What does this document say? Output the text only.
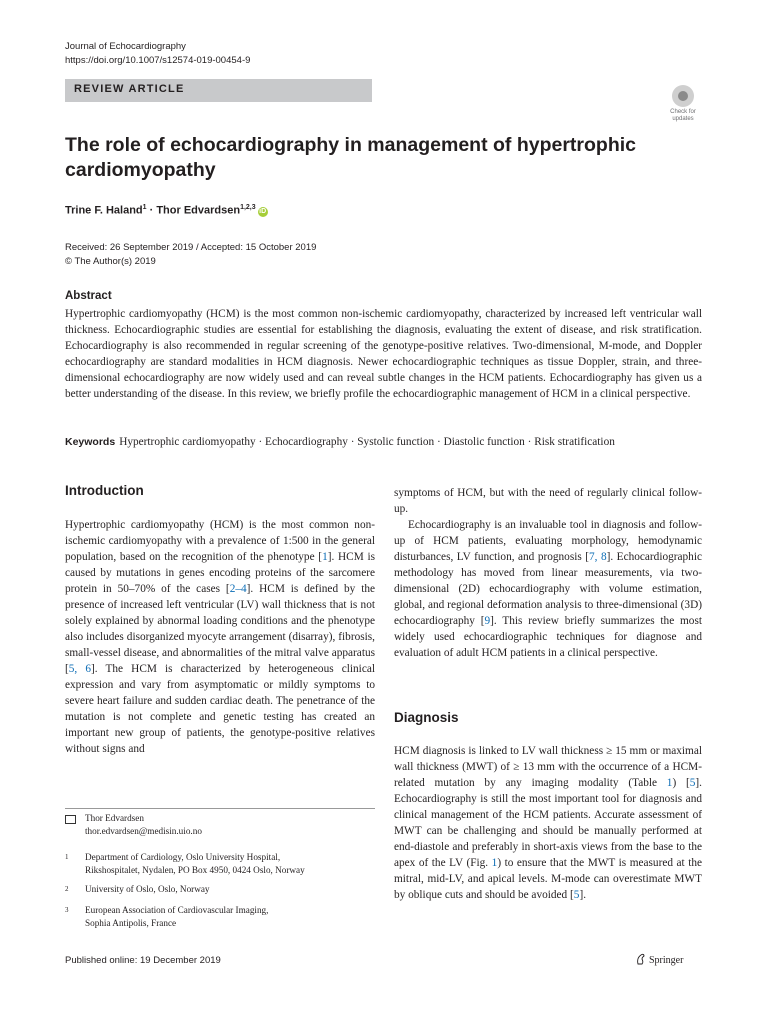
Journal of Echocardiography
https://doi.org/10.1007/s12574-019-00454-9
REVIEW ARTICLE
Check for
updates
The role of echocardiography in management of hypertrophic cardiomyopathy
Trine F. Haland$^1$ · Thor Edvardsen$^{1,2,3}$iD
Received: 26 September 2019 / Accepted: 15 October 2019
© The Author(s) 2019
Abstract

Hypertrophic cardiomyopathy (HCM) is the most common non-ischemic cardiomyopathy, characterized by increased left ventricular wall thickness. Echocardiographic studies are essential for establishing the diagnosis, evaluating the extent of disease, and risk stratification. Echocardiography is also recommended in regular screening of the genotype-positive relatives. Two-dimensional, M-mode, and Doppler echocardiography are standard modalities in HCM diagnosis. Newer echocardiographic techniques as tissue Doppler, strain, and three-dimensional echocardiography are now widely used and can reveal subtle changes in the HCM patients. Echocardiography has given us a better understanding of the disease. In this review, we briefly profile the echocardiographic management of HCM in a clinical perspective.

Keywords Hypertrophic cardiomyopathy · Echocardiography · Systolic function · Diastolic function · Risk stratification
Introduction

Hypertrophic cardiomyopathy (HCM) is the most common non-ischemic cardiomyopathy with a prevalence of 1:500 in the general population, based on the recognition of the phenotype [1]. HCM is caused by mutations in genes encoding proteins of the sarcomere protein in 50–70% of the cases [2–4]. HCM is defined by the presence of increased left ventricular (LV) wall thickness that is not solely explained by abnormal loading conditions and the phenotype also includes disorganized myocyte arrangement (disarray), fibrosis, small-vessel disease, and abnormalities of the mitral valve apparatus [5, 6]. The HCM is characterized by heterogeneous clinical expression and vary from asymptomatic or mildly symptoms to severe heart failure and sudden cardiac death. The penetrance of the mutation is not complete and genetic testing has created an important new group of patients, the genotype-positive relatives without signs and

symptoms of HCM, but with the need of regularly clinical follow-up.

Echocardiography is an invaluable tool in diagnosis and follow-up of HCM patients, evaluating morphology, hemodynamic disturbances, LV function, and prognosis [7, 8]. Echocardiographic methodology has moved from linear measurements, via two-dimensional (2D) echocardiography with volume estimation, global, and regional deformation analysis to three-dimensional (3D) echocardiography [9]. This review briefly summarizes the most widely used echocardiographic techniques for diagnose and evaluation of adult HCM patients in a clinical perspective.

Diagnosis

HCM diagnosis is linked to LV wall thickness ≥ 15 mm or maximal wall thickness (MWT) of ≥ 13 mm with the occurrence of a HCM-related mutation by any imaging modality (Table 1) [5]. Echocardiography is still the most important tool for diagnosis and clinical management of the HCM patients. Accurate assessment of MWT can be challenging and should be manually performed at end-diastole and preferably in short-axis views from the base to the apex of the LV (Fig. 1) to ensure that the MWT is measured at the mitral, mid-LV, and apical levels. M-mode can overestimate MWT by oblique cuts and should be avoided [5].

Thor Edvardsen
thor.edvardsen@medisin.uio.no
1 Department of Cardiology, Oslo University Hospital,
Rikshospitalet, Nydalen, PO Box 4950, 0424 Oslo, Norway
2	University of Oslo, Oslo, Norway
3 European Association of Cardiovascular Imaging,
Sophia Antipolis, France
Published online: 19 December 2019	Springer
